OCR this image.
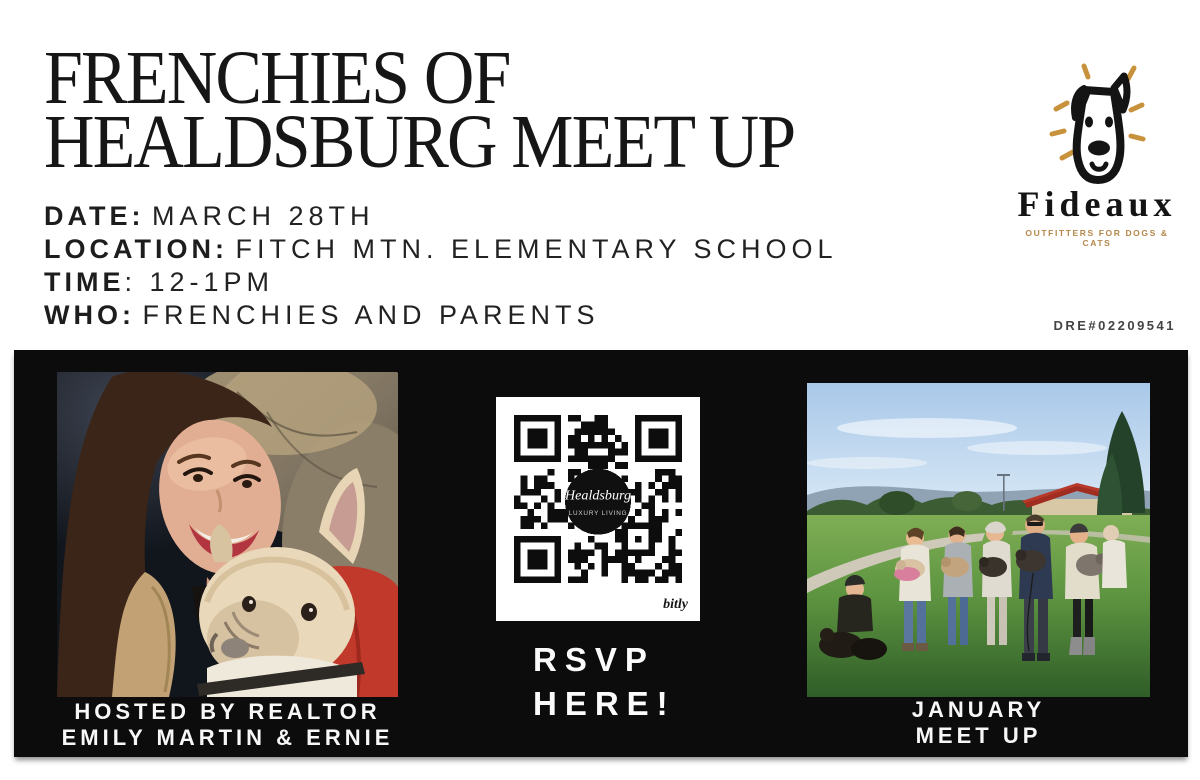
FRENCHIES OF
HEALDSBURG MEET UP
DATE: MARCH 28TH
LOCATION: FITCH MTN. ELEMENTARY SCHOOL
TIME: 12-1PM
WHO: FRENCHIES AND PARENTS
Fideaux
OUTFITTERS FOR DOGS & CATS
DRE#02209541
Healdsburg
bitly
RSVP
HERE!
HOSTED BY REALTOR
EMILY MARTIN & ERNIE
JANUARY
MEET UP
